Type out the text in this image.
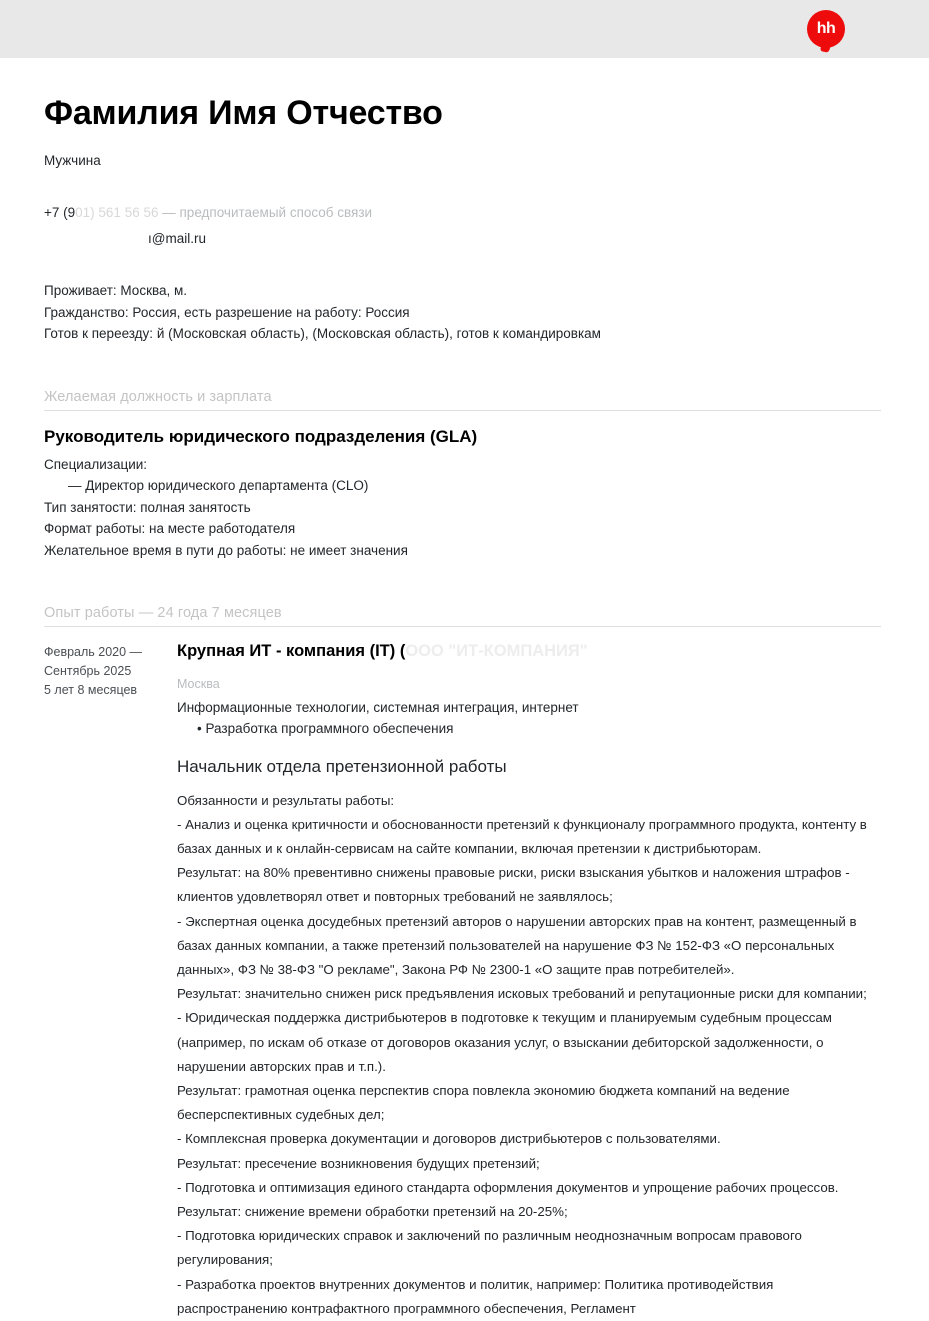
hh
Фамилия Имя Отчество
Мужчина
+7 (901) 561 56 56 — предпочитаемый способ связи
ı@mail.ru
Проживает: Москва, м.
Гражданство: Россия, есть разрешение на работу: Россия
Готов к переезду: й (Московская область), (Московская область), готов к командировкам
Желаемая должность и зарплата
Руководитель юридического подразделения (GLA)
Специализации:
— Директор юридического департамента (CLO)
Тип занятости: полная занятость
Формат работы: на месте работодателя
Желательное время в пути до работы: не имеет значения
Опыт работы — 24 года 7 месяцев
Февраль 2020 —
Сентябрь 2025
5 лет 8 месяцев
Крупная ИТ - компания (IT) (ООО "ИТ-КОМПАНИЯ"
Москва
Информационные технологии, системная интеграция, интернет
• Разработка программного обеспечения
Начальник отдела претензионной работы

Обязанности и результаты работы:

- Анализ и оценка критичности и обоснованности претензий к функционалу программного продукта, контенту в базах данных и к онлайн-сервисам на сайте компании, включая претензии к дистрибьюторам.

Результат: на 80% превентивно снижены правовые риски, риски взыскания убытков и наложения штрафов - клиентов удовлетворял ответ и повторных требований не заявлялось;

- Экспертная оценка досудебных претензий авторов о нарушении авторских прав на контент, размещенный в базах данных компании, а также претензий пользователей на нарушение ФЗ № 152-ФЗ «О персональных данных», ФЗ № 38-ФЗ "О рекламе", Закона РФ № 2300-1 «О защите прав потребителей».

Результат: значительно снижен риск предъявления исковых требований и репутационные риски для компании;

- Юридическая поддержка дистрибьютеров в подготовке к текущим и планируемым судебным процессам (например, по искам об отказе от договоров оказания услуг, о взыскании дебиторской задолженности, о нарушении авторских прав и т.п.).

Результат: грамотная оценка перспектив спора повлекла экономию бюджета компаний на ведение бесперспективных судебных дел;

- Комплексная проверка документации и договоров дистрибьютеров с пользователями.

Результат: пресечение возникновения будущих претензий;

- Подготовка и оптимизация единого стандарта оформления документов и упрощение рабочих процессов.

Результат: снижение времени обработки претензий на 20-25%;

- Подготовка юридических справок и заключений по различным неоднозначным вопросам правового регулирования;

- Разработка проектов внутренних документов и политик, например: Политика противодействия распространению контрафактного программного обеспечения, Регламент
